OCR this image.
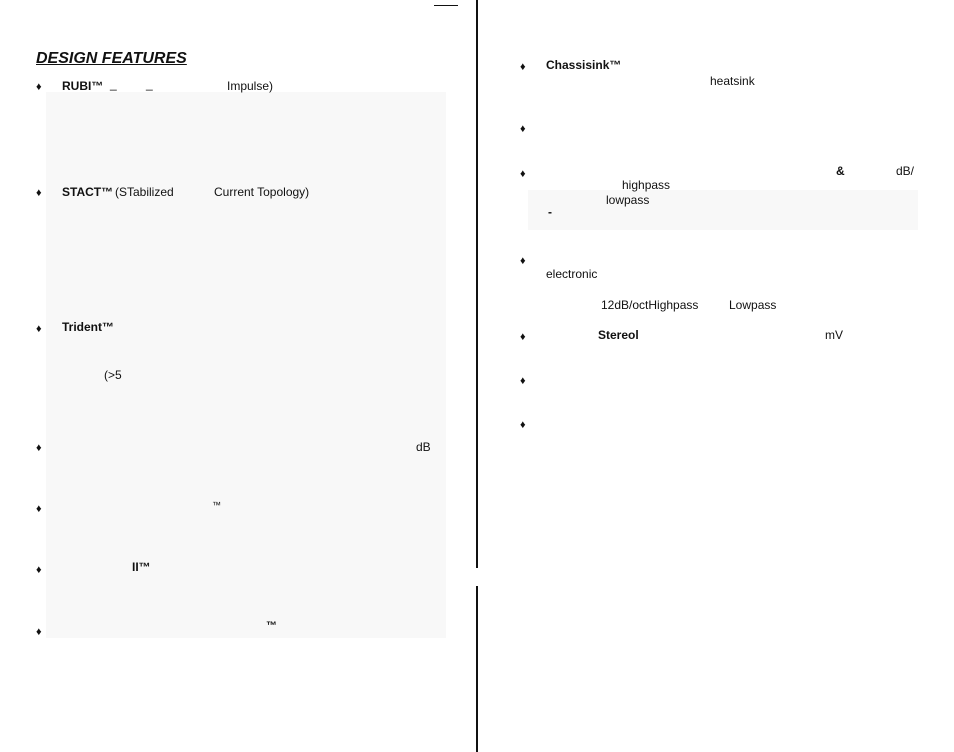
DESIGN FEATURES
♦ RUBI™ _ _	Impulse)
♦ STACT™ (STabilized	Current Topology)
♦ Trident™
(>5
♦	dB
♦	™
♦	II™
♦	™
♦ Chassisink™
heatsink
♦
♦	&	dB/
highpass
lowpass
-
♦
electronic
12dB/octHighpass	Lowpass
♦	Stereol	mV
♦
♦
